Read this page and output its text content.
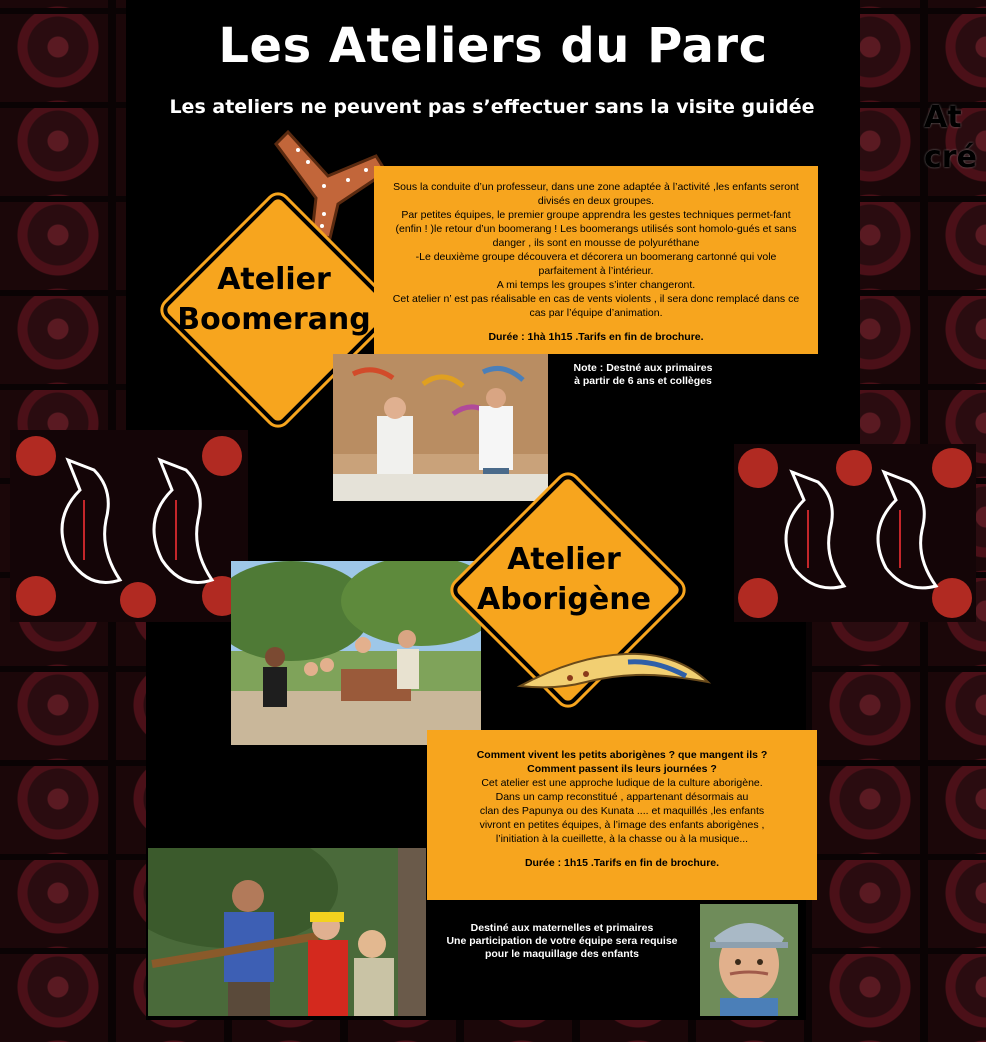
Les Ateliers du Parc
Les ateliers ne peuvent pas s’effectuer sans la visite guidée	At
cré
Atelier
Boomerang

Sous la conduite d’un professeur, dans une zone adaptée à l’activité ,les enfants seront divisés en deux groupes.

Par petites équipes, le premier groupe apprendra les gestes techniques permet-fant (enfin ! )le retour d’un boomerang ! Les boomerangs utilisés sont homolo-gués et sans danger , ils sont en mousse de polyuréthane

-Le deuxième groupe découvera et décorera un boomerang cartonné qui vole parfaitement à l’intérieur.

A mi temps les groupes s’inter changeront.

Cet atelier n’ est pas réalisable en cas de vents violents , il sera donc remplacé dans ce cas par l’équipe d’animation.

Durée : 1hà 1h15 .Tarifs en fin de brochure.

Note : Destné aux primaires
à partir de 6 ans et collèges
Atelier
Aborigène

Comment vivent les petits aborigènes ? que mangent ils ?

Comment passent ils leurs journées ?

Cet atelier est une approche ludique de la culture aborigène.

Dans un camp reconstitué , appartenant désormais au

clan des Papunya ou des Kunata .... et maquillés ,les enfants

vivront en petites équipes, à l’image des enfants aborigènes ,

l’initiation à la cueillette, à la chasse ou à la musique...

Durée : 1h15 .Tarifs en fin de brochure.

Destiné aux maternelles et primaires
Une participation de votre équipe sera requise
pour le maquillage des enfants
